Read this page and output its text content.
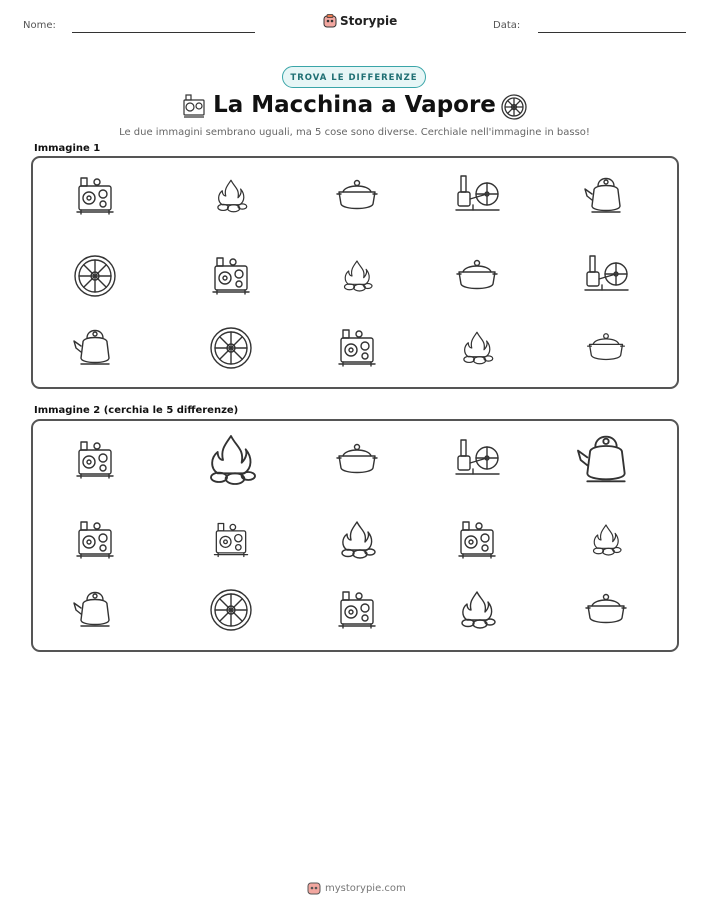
Nome:	Storypie	Data:
TROVA LE DIFFERENZE
La Macchina a Vapore
Le due immagini sembrano uguali, ma 5 cose sono diverse. Cerchiale nell'immagine in basso!
Immagine 1
Immagine 2 (cerchia le 5 differenze)
mystorypie.com
